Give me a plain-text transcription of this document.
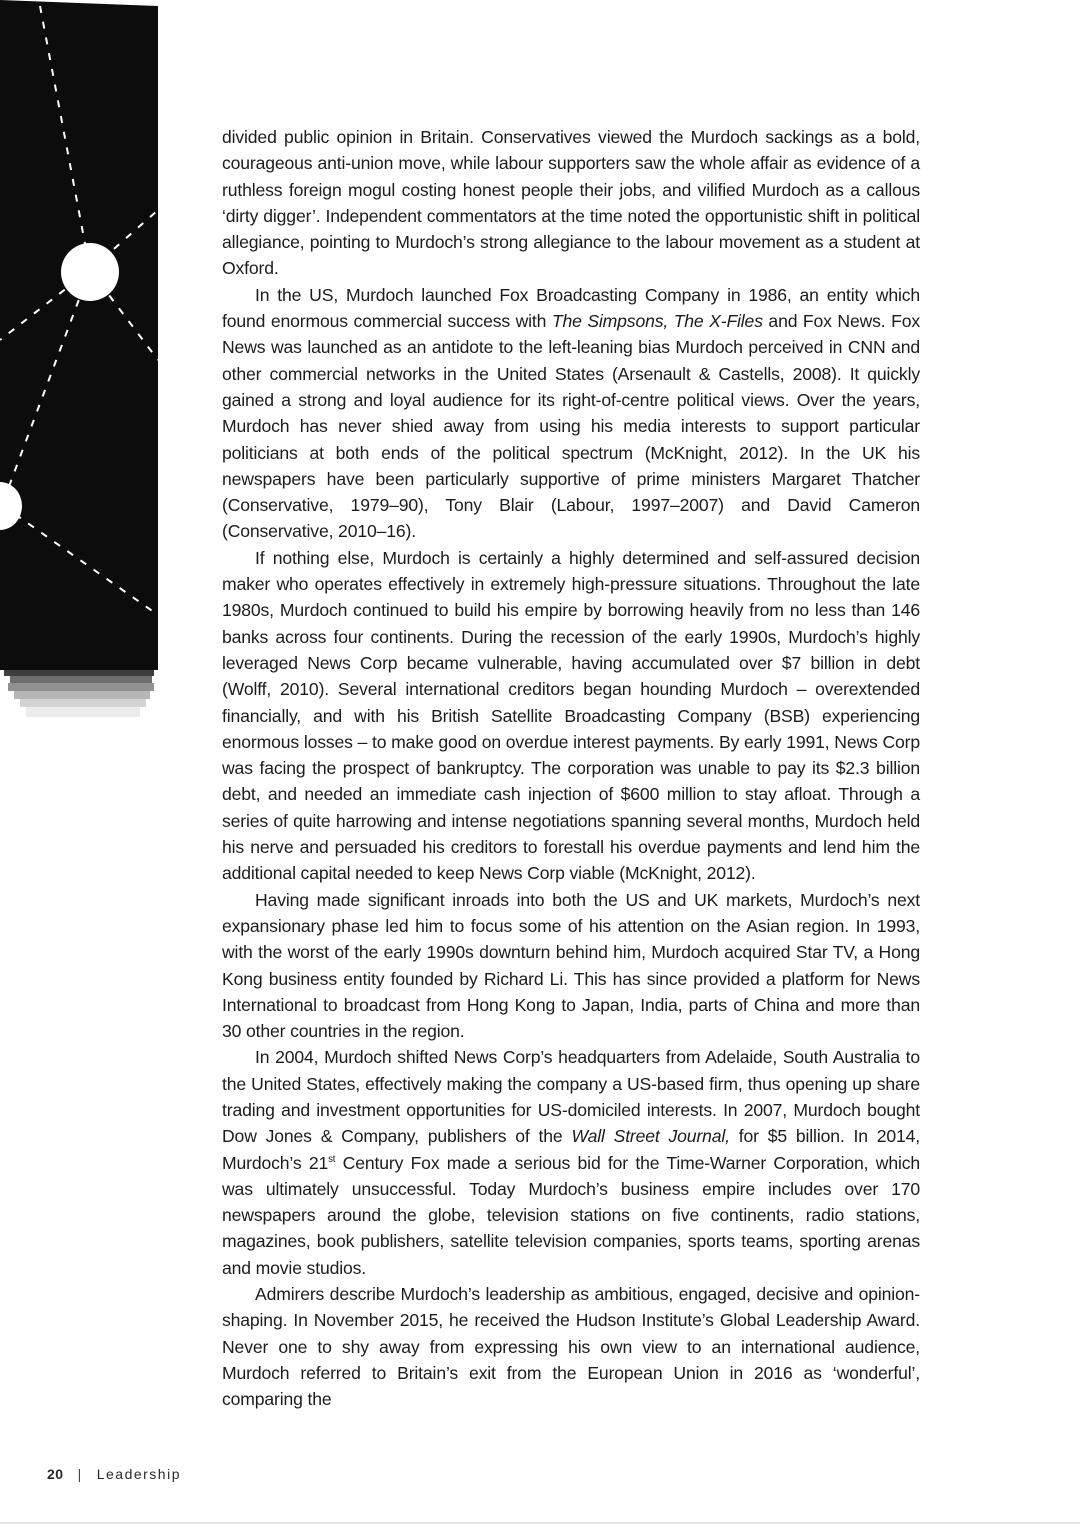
divided public opinion in Britain. Conservatives viewed the Murdoch sackings as a bold, courageous anti-union move, while labour supporters saw the whole affair as evidence of a ruthless foreign mogul costing honest people their jobs, and vilified Murdoch as a callous ‘dirty digger’. Independent commentators at the time noted the opportunistic shift in political allegiance, pointing to Murdoch’s strong allegiance to the labour movement as a student at Oxford.

In the US, Murdoch launched Fox Broadcasting Company in 1986, an entity which found enormous commercial success with The Simpsons, The X-Files and Fox News. Fox News was launched as an antidote to the left-leaning bias Murdoch perceived in CNN and other commercial networks in the United States (Arsenault & Castells, 2008). It quickly gained a strong and loyal audience for its right-of-centre political views. Over the years, Murdoch has never shied away from using his media interests to support particular politicians at both ends of the political spectrum (McKnight, 2012). In the UK his newspapers have been particularly supportive of prime ministers Margaret Thatcher (Conservative, 1979–90), Tony Blair (Labour, 1997–2007) and David Cameron (Conservative, 2010–16).

If nothing else, Murdoch is certainly a highly determined and self-assured decision maker who operates effectively in extremely high-pressure situations. Throughout the late 1980s, Murdoch continued to build his empire by borrowing heavily from no less than 146 banks across four continents. During the recession of the early 1990s, Murdoch’s highly leveraged News Corp became vulnerable, having accumulated over $7 billion in debt (Wolff, 2010). Several international creditors began hounding Murdoch – overextended financially, and with his British Satellite Broadcasting Company (BSB) experiencing enormous losses – to make good on overdue interest payments. By early 1991, News Corp was facing the prospect of bankruptcy. The corporation was unable to pay its $2.3 billion debt, and needed an immediate cash injection of $600 million to stay afloat. Through a series of quite harrowing and intense negotiations spanning several months, Murdoch held his nerve and persuaded his creditors to forestall his overdue payments and lend him the additional capital needed to keep News Corp viable (McKnight, 2012).

Having made significant inroads into both the US and UK markets, Murdoch’s next expansionary phase led him to focus some of his attention on the Asian region. In 1993, with the worst of the early 1990s downturn behind him, Murdoch acquired Star TV, a Hong Kong business entity founded by Richard Li. This has since provided a platform for News International to broadcast from Hong Kong to Japan, India, parts of China and more than 30 other countries in the region.

In 2004, Murdoch shifted News Corp’s headquarters from Adelaide, South Australia to the United States, effectively making the company a US-based firm, thus opening up share trading and investment opportunities for US-domiciled interests. In 2007, Murdoch bought Dow Jones & Company, publishers of the Wall Street Journal, for $5 billion. In 2014, Murdoch’s 21st Century Fox made a serious bid for the Time-Warner Corporation, which was ultimately unsuccessful. Today Murdoch’s business empire includes over 170 newspapers around the globe, television stations on five continents, radio stations, magazines, book publishers, satellite television companies, sports teams, sporting arenas and movie studios.

Admirers describe Murdoch’s leadership as ambitious, engaged, decisive and opinion-shaping. In November 2015, he received the Hudson Institute’s Global Leadership Award. Never one to shy away from expressing his own view to an international audience, Murdoch referred to Britain’s exit from the European Union in 2016 as ‘wonderful’, comparing the

20 | Leadership
